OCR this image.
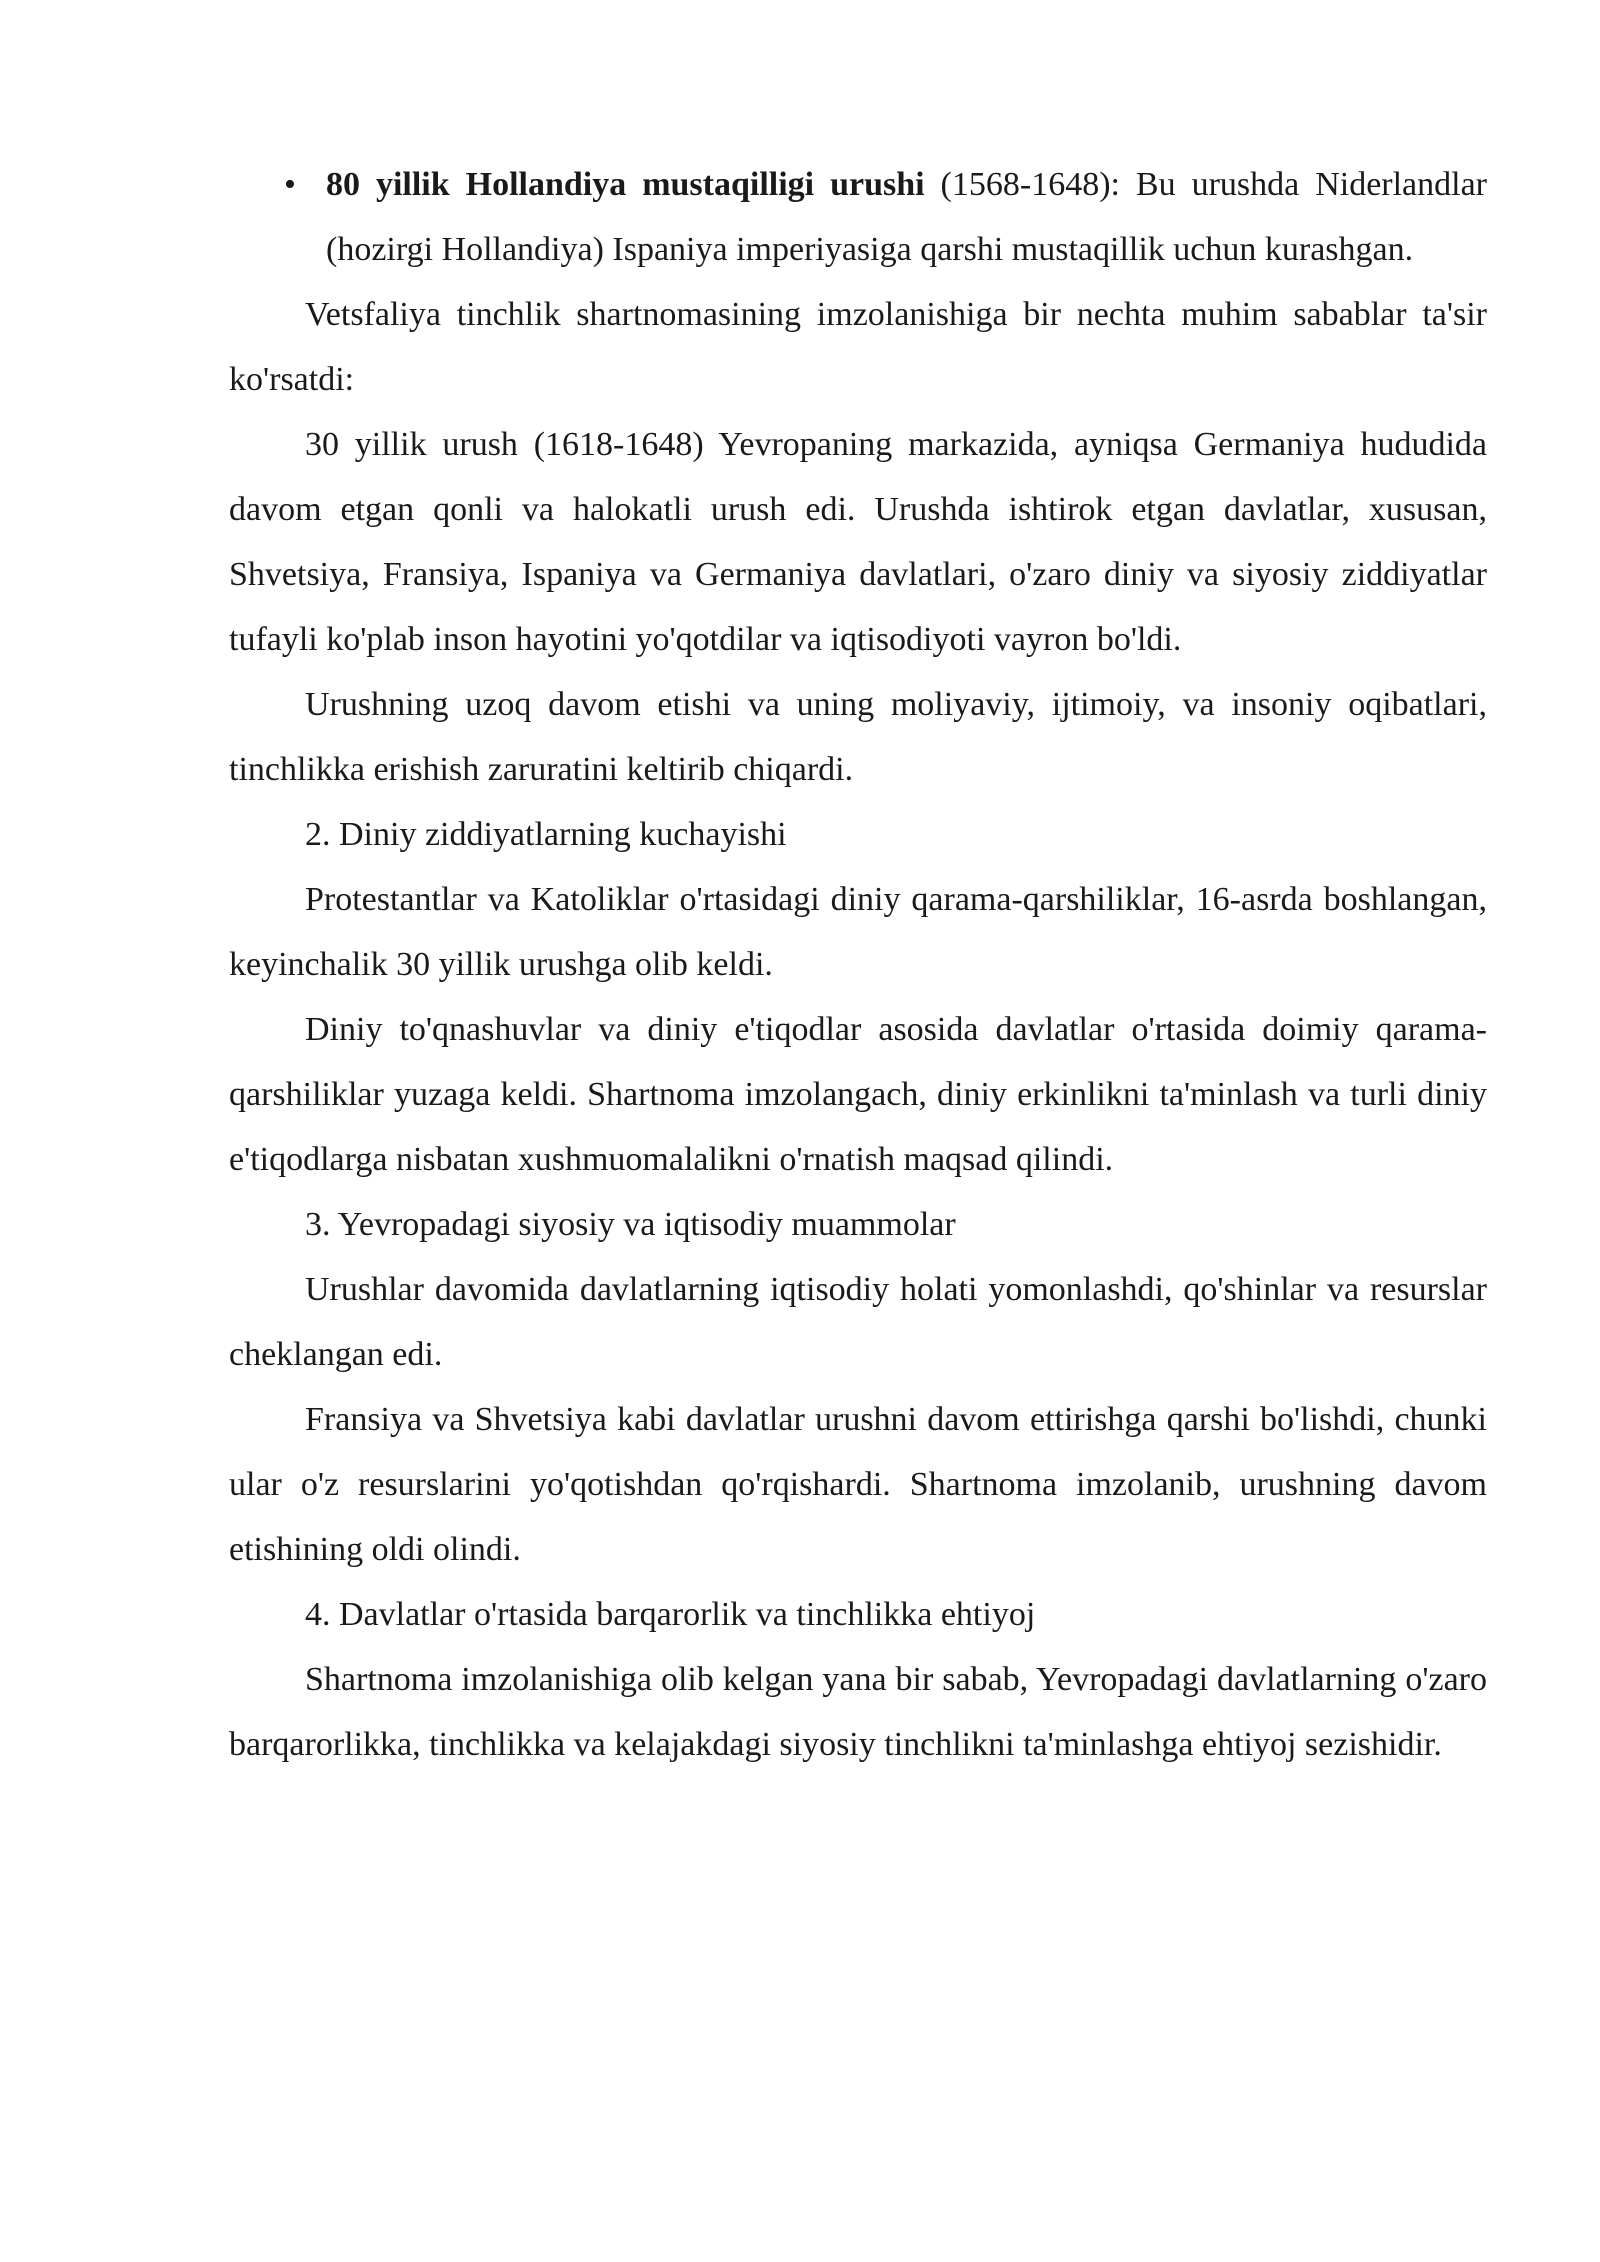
• 80 yillik Hollandiya mustaqilligi urushi (1568-1648): Bu urushda Niderlandlar (hozirgi Hollandiya) Ispaniya imperiyasiga qarshi mustaqillik uchun kurashgan.

Vetsfaliya tinchlik shartnomasining imzolanishiga bir nechta muhim sabablar ta'sir ko'rsatdi:

30 yillik urush (1618-1648) Yevropaning markazida, ayniqsa Germaniya hududida davom etgan qonli va halokatli urush edi. Urushda ishtirok etgan davlatlar, xususan, Shvetsiya, Fransiya, Ispaniya va Germaniya davlatlari, o'zaro diniy va siyosiy ziddiyatlar tufayli ko'plab inson hayotini yo'qotdilar va iqtisodiyoti vayron bo'ldi.

Urushning uzoq davom etishi va uning moliyaviy, ijtimoiy, va insoniy oqibatlari, tinchlikka erishish zaruratini keltirib chiqardi.

2. Diniy ziddiyatlarning kuchayishi

Protestantlar va Katoliklar o'rtasidagi diniy qarama-qarshiliklar, 16-asrda boshlangan, keyinchalik 30 yillik urushga olib keldi.

Diniy to'qnashuvlar va diniy e'tiqodlar asosida davlatlar o'rtasida doimiy qarama-qarshiliklar yuzaga keldi. Shartnoma imzolangach, diniy erkinlikni ta'minlash va turli diniy e'tiqodlarga nisbatan xushmuomalalikni o'rnatish maqsad qilindi.

3. Yevropadagi siyosiy va iqtisodiy muammolar

Urushlar davomida davlatlarning iqtisodiy holati yomonlashdi, qo'shinlar va resurslar cheklangan edi.

Fransiya va Shvetsiya kabi davlatlar urushni davom ettirishga qarshi bo'lishdi, chunki ular o'z resurslarini yo'qotishdan qo'rqishardi. Shartnoma imzolanib, urushning davom etishining oldi olindi.

4. Davlatlar o'rtasida barqarorlik va tinchlikka ehtiyoj

Shartnoma imzolanishiga olib kelgan yana bir sabab, Yevropadagi davlatlarning o'zaro barqarorlikka, tinchlikka va kelajakdagi siyosiy tinchlikni ta'minlashga ehtiyoj sezishidir.
